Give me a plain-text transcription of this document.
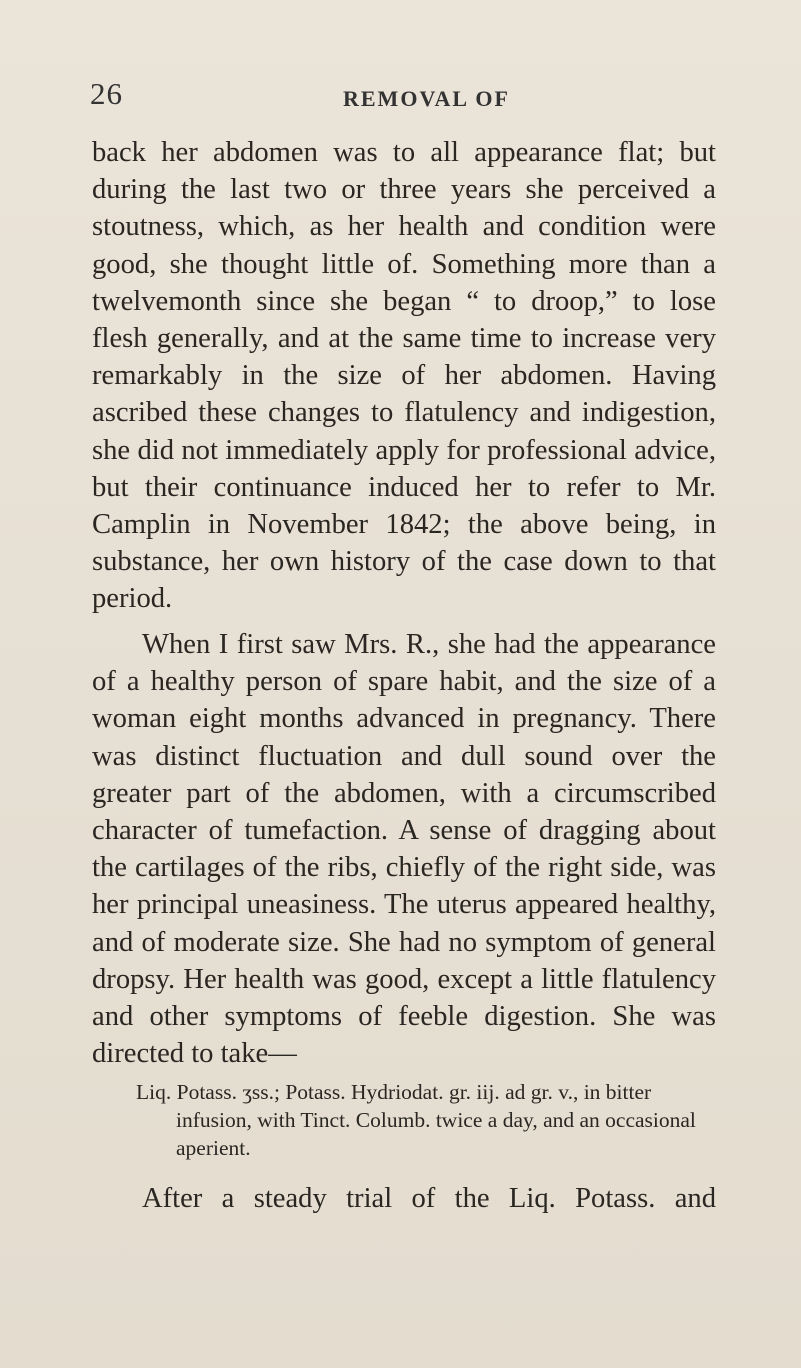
26	REMOVAL OF

back her abdomen was to all appearance flat; but during the last two or three years she perceived a stoutness, which, as her health and condition were good, she thought little of. Something more than a twelvemonth since she began “ to droop,” to lose flesh generally, and at the same time to increase very remarkably in the size of her abdomen. Having ascribed these changes to flatulency and indigestion, she did not immediately apply for professional advice, but their continuance induced her to refer to Mr. Camplin in November 1842; the above being, in substance, her own history of the case down to that period.

When I first saw Mrs. R., she had the appearance of a healthy person of spare habit, and the size of a woman eight months advanced in pregnancy. There was distinct fluctuation and dull sound over the greater part of the abdomen, with a circumscribed character of tumefaction. A sense of dragging about the cartilages of the ribs, chiefly of the right side, was her principal uneasiness. The uterus appeared healthy, and of moderate size. She had no symptom of general dropsy. Her health was good, except a little flatulency and other symptoms of feeble digestion. She was directed to take—

Liq. Potass. ʒss.; Potass. Hydriodat. gr. iij. ad gr. v., in bitter infusion, with Tinct. Columb. twice a day, and an occasional aperient.

After a steady trial of the Liq. Potass. and
